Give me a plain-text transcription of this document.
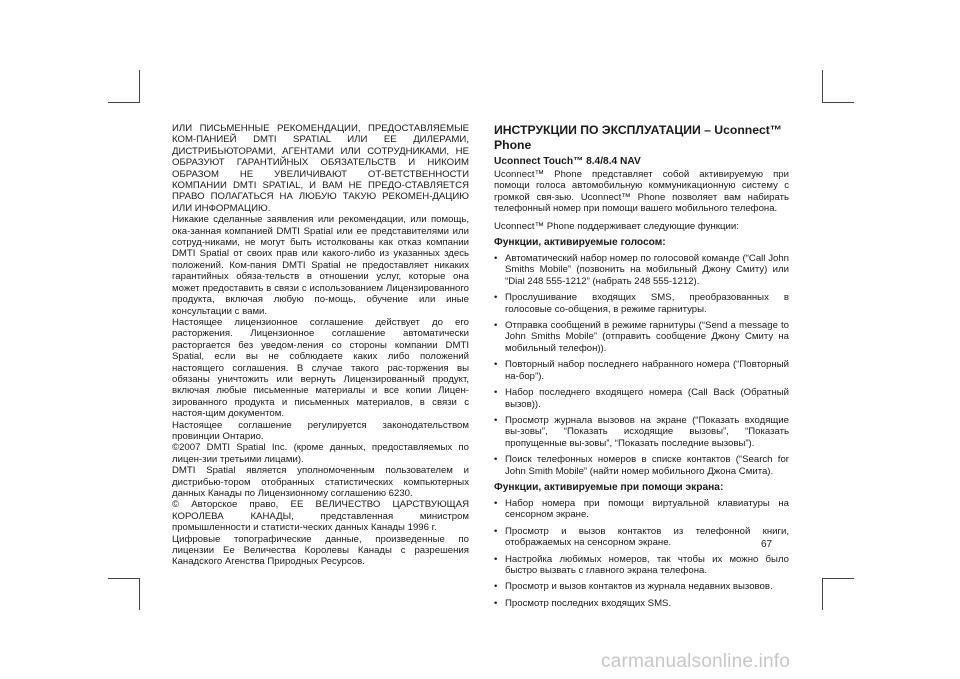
ИЛИ ПИСЬМЕННЫЕ РЕКОМЕНДАЦИИ, ПРЕДОСТАВЛЯЕМЫЕ КОМ-ПАНИЕЙ DMTI SPATIAL ИЛИ ЕЕ ДИЛЕРАМИ, ДИСТРИБЬЮТОРАМИ, АГЕНТАМИ ИЛИ СОТРУДНИКАМИ, НЕ ОБРАЗУЮТ ГАРАНТИЙНЫХ ОБЯЗАТЕЛЬСТВ И НИКОИМ ОБРАЗОМ НЕ УВЕЛИЧИВАЮТ ОТ-ВЕТСТВЕННОСТИ КОМПАНИИ DMTI SPATIAL, И ВАМ НЕ ПРЕДО-СТАВЛЯЕТСЯ ПРАВО ПОЛАГАТЬСЯ НА ЛЮБУЮ ТАКУЮ РЕКОМЕН-ДАЦИЮ ИЛИ ИНФОРМАЦИЮ.

Никакие сделанные заявления или рекомендации, или помощь, ока-занная компанией DMTI Spatial или ее представителями или сотруд-никами, не могут быть истолкованы как отказ компании DMTI Spatial от своих прав или какого-либо из указанных здесь положений. Ком-пания DMTI Spatial не предоставляет никаких гарантийных обяза-тельств в отношении услуг, которые она может предоставить в связи с использованием Лицензированного продукта, включая любую по-мощь, обучение или иные консультации с вами.

Настоящее лицензионное соглашение действует до его расторжения. Лицензионное соглашение автоматически расторгается без уведом-ления со стороны компании DMTI Spatial, если вы не соблюдаете каких либо положений настоящего соглашения. В случае такого рас-торжения вы обязаны уничтожить или вернуть Лицензированный продукт, включая любые письменные материалы и все копии Лицен-зированного продукта и письменных материалов, в связи с настоя-щим документом.

Настоящее соглашение регулируется законодательством провинции Онтарио.

©2007 DMTI Spatial Inc. (кроме данных, предоставляемых по лицен-зии третьими лицами).

DMTI Spatial является уполномоченным пользователем и дистрибью-тором отобранных статистических компьютерных данных Канады по Лицензионному соглашению 6230.

© Авторское право, ЕЕ ВЕЛИЧЕСТВО ЦАРСТВУЮЩАЯ КОРОЛЕВА КАНАДЫ, представленная министром промышленности и статисти-ческих данных Канады 1996 г.

Цифровые топографические данные, произведенные по лицензии Ее Величества Королевы Канады с разрешения Канадского Агенства Природных Ресурсов.

ИНСТРУКЦИИ ПО ЭКСПЛУАТАЦИИ – Uconnect™ Phone
Uconnect Touch™ 8.4/8.4 NAV

Uconnect™ Phone представляет собой активируемую при помощи голоса автомобильную коммуникационную систему с громкой свя-зью. Uconnect™ Phone позволяет вам набирать телефонный номер при помощи вашего мобильного телефона.

Uconnect™ Phone поддерживает следующие функции:

Функции, активируемые голосом:
• Автоматический набор номер по голосовой команде (“Call John Smiths Mobile” (позвонить на мобильный Джону Смиту) или “Dial 248 555-1212” (набрать 248 555-1212).
• Прослушивание входящих SMS, преобразованных в голосовые со-общения, в режиме гарнитуры.
• Отправка сообщений в режиме гарнитуры (“Send a message to John Smiths Mobile” (отправить сообщение Джону Смиту на мобильный телефон)).
• Повторный набор последнего набранного номера (“Повторный на-бор”).
• Набор последнего входящего номера (Call Back (Обратный вызов)).
• Просмотр журнала вызовов на экране (“Показать входящие вы-зовы”, “Показать исходящие вызовы”, “Показать пропущенные вы-зовы”, “Показать последние вызовы”).
• Поиск телефонных номеров в списке контактов (“Search for John Smith Mobile” (найти номер мобильного Джона Смита).
Функции, активируемые при помощи экрана:
• Набор номера при помощи виртуальной клавиатуры на сенсорном экране.
• Просмотр и вызов контактов из телефонной книги, отображаемых на сенсорном экране.
• Настройка любимых номеров, так чтобы их можно было быстро вызвать с главного экрана телефона.
• Просмотр и вызов контактов из журнала недавних вызовов.
• Просмотр последних входящих SMS.
67
carmanualsonline.info
